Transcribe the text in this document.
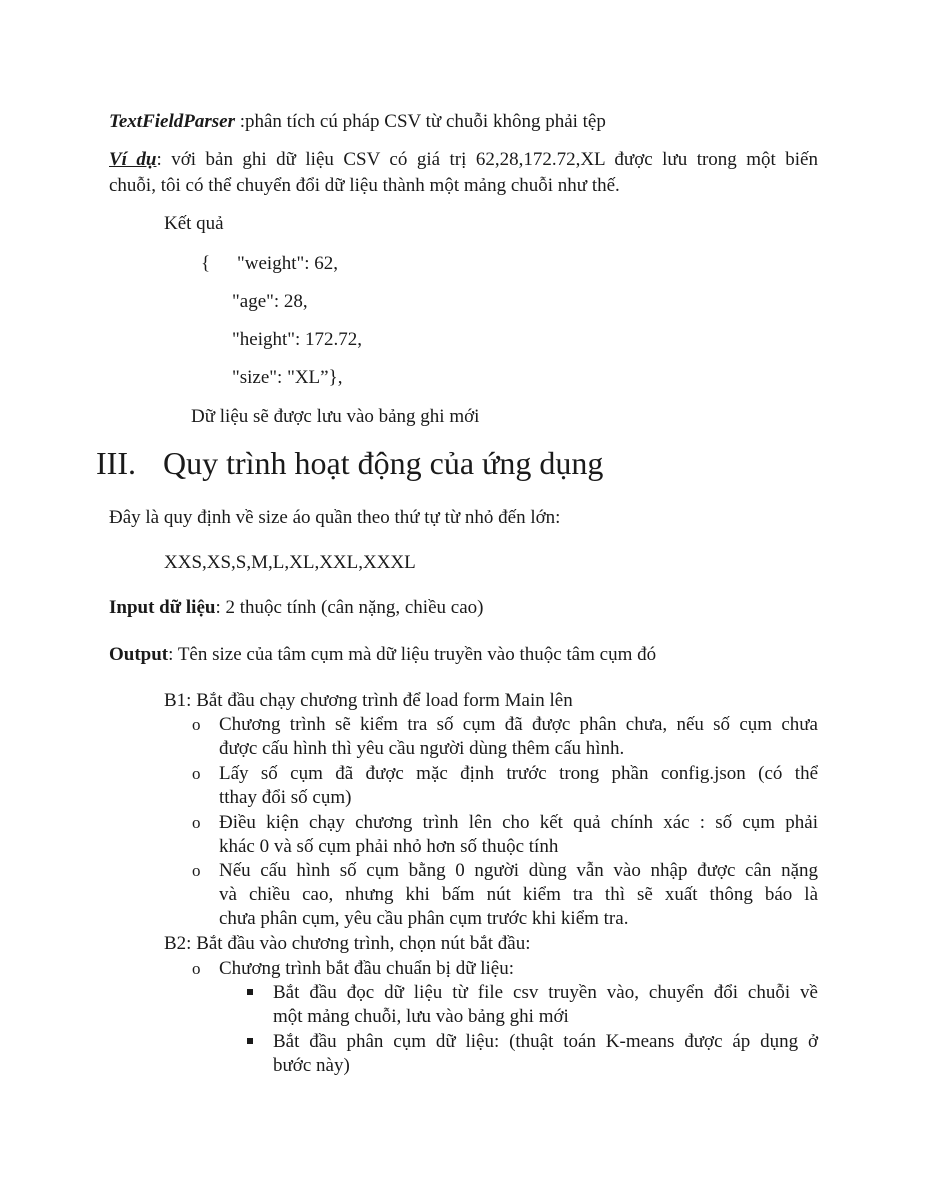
TextFieldParser :phân tích cú pháp CSV từ chuỗi không phải tệp
Ví dụ: với bản ghi dữ liệu CSV có giá trị 62,28,172.72,XL được lưu trong một biến
chuỗi, tôi có thể chuyển đổi dữ liệu thành một mảng chuỗi như thế.
Kết quả
{ "weight": 62,
"age": 28,
"height": 172.72,
"size": "XL”},
Dữ liệu sẽ được lưu vào bảng ghi mới
III. Quy trình hoạt động của ứng dụng
Đây là quy định về size áo quần theo thứ tự từ nhỏ đến lớn:
XXS,XS,S,M,L,XL,XXL,XXXL
Input dữ liệu: 2 thuộc tính (cân nặng, chiều cao)
Output: Tên size của tâm cụm mà dữ liệu truyền vào thuộc tâm cụm đó
B1: Bắt đầu chạy chương trình để load form Main lên
o Chương trình sẽ kiểm tra số cụm đã được phân chưa, nếu số cụm chưa
được cấu hình thì yêu cầu người dùng thêm cấu hình.
o Lấy số cụm đã được mặc định trước trong phần config.json (có thể
tthay đổi số cụm)
o Điều kiện chạy chương trình lên cho kết quả chính xác : số cụm phải
khác 0 và số cụm phải nhỏ hơn số thuộc tính
o Nếu cấu hình số cụm bằng 0 người dùng vẫn vào nhập được cân nặng
và chiều cao, nhưng khi bấm nút kiểm tra thì sẽ xuất thông báo là
chưa phân cụm, yêu cầu phân cụm trước khi kiểm tra.
B2: Bắt đầu vào chương trình, chọn nút bắt đầu:
o Chương trình bắt đầu chuẩn bị dữ liệu:
Bắt đầu đọc dữ liệu từ file csv truyền vào, chuyển đổi chuỗi về
một mảng chuỗi, lưu vào bảng ghi mới
Bắt đầu phân cụm dữ liệu: (thuật toán K-means được áp dụng ở
bước này)
